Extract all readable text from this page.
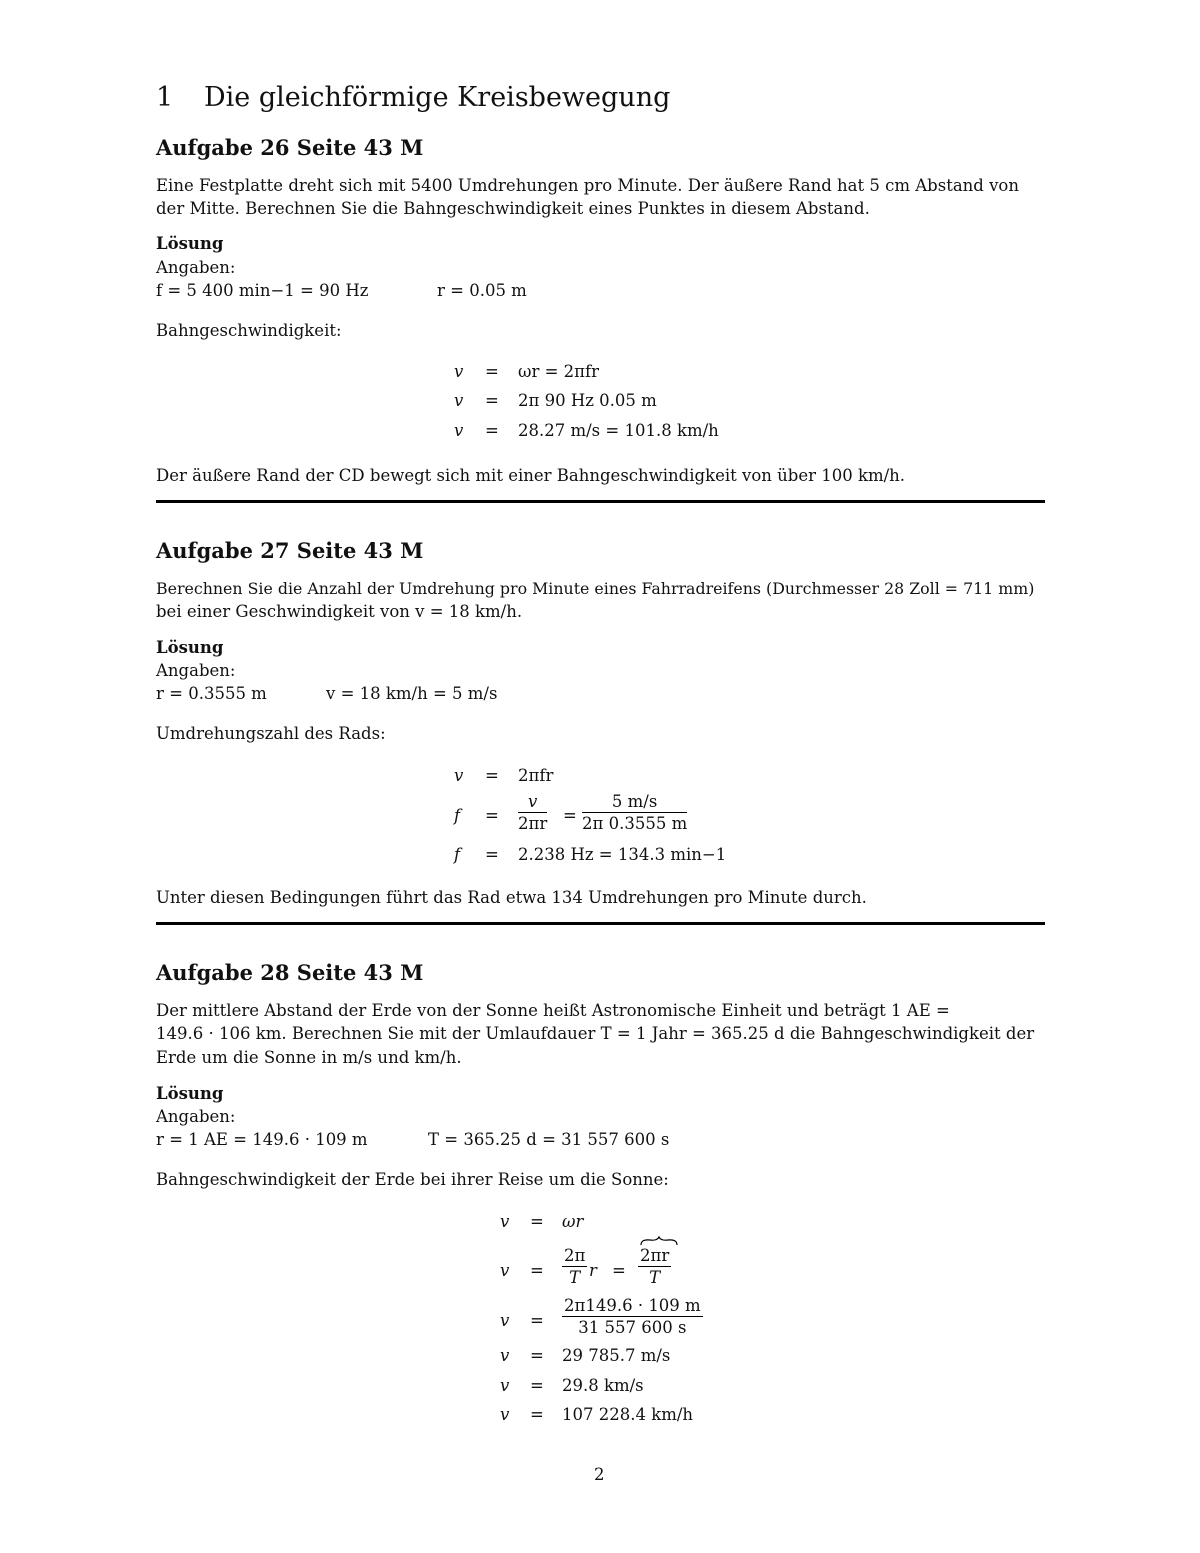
1 Die gleichförmige Kreisbewegung
Aufgabe 26 Seite 43 M
Eine Festplatte dreht sich mit 5400 Umdrehungen pro Minute. Der äußere Rand hat 5 cm Abstand von
der Mitte. Berechnen Sie die Bahngeschwindigkeit eines Punktes in diesem Abstand.
Lösung
Angaben:
f = 5 400 min−1 = 90 Hz	r = 0.05 m
Bahngeschwindigkeit:
v = ωr = 2πfr
v = 2π 90 Hz 0.05 m
v = 28.27 m/s = 101.8 km/h
Der äußere Rand der CD bewegt sich mit einer Bahngeschwindigkeit von über 100 km/h.
Aufgabe 27 Seite 43 M
Berechnen Sie die Anzahl der Umdrehung pro Minute eines Fahrradreifens (Durchmesser 28 Zoll = 711 mm)
bei einer Geschwindigkeit von v = 18 km/h.
Lösung
Angaben:
r = 0.3555 m	v = 18 km/h = 5 m/s
Umdrehungszahl des Rads:
v = 2πfr
$f = \frac{v}{2\pi r} = \frac{5 m/s}{2\pi 0.3555 m}$
f = 2.238 Hz = 134.3 min−1
Unter diesen Bedingungen führt das Rad etwa 134 Umdrehungen pro Minute durch.
Aufgabe 28 Seite 43 M
Der mittlere Abstand der Erde von der Sonne heißt Astronomische Einheit und beträgt 1 AE =
149.6 · 106 km. Berechnen Sie mit der Umlaufdauer T = 1 Jahr = 365.25 d die Bahngeschwindigkeit der
Erde um die Sonne in m/s und km/h.
Lösung
Angaben:
r = 1 AE = 149.6 · 109 m	T = 365.25 d = 31 557 600 s
Bahngeschwindigkeit der Erde bei ihrer Reise um die Sonne:
v = ωr
$v = \frac{2\pi}{T}$ $r = \frac{2\pi r}{T}$
$v = \frac{2\pi 149.6 \cdot 109 m}{31 557 600 s}$
v = 29 785.7 m/s
v = 29.8 km/s
v = 107 228.4 km/h
2
